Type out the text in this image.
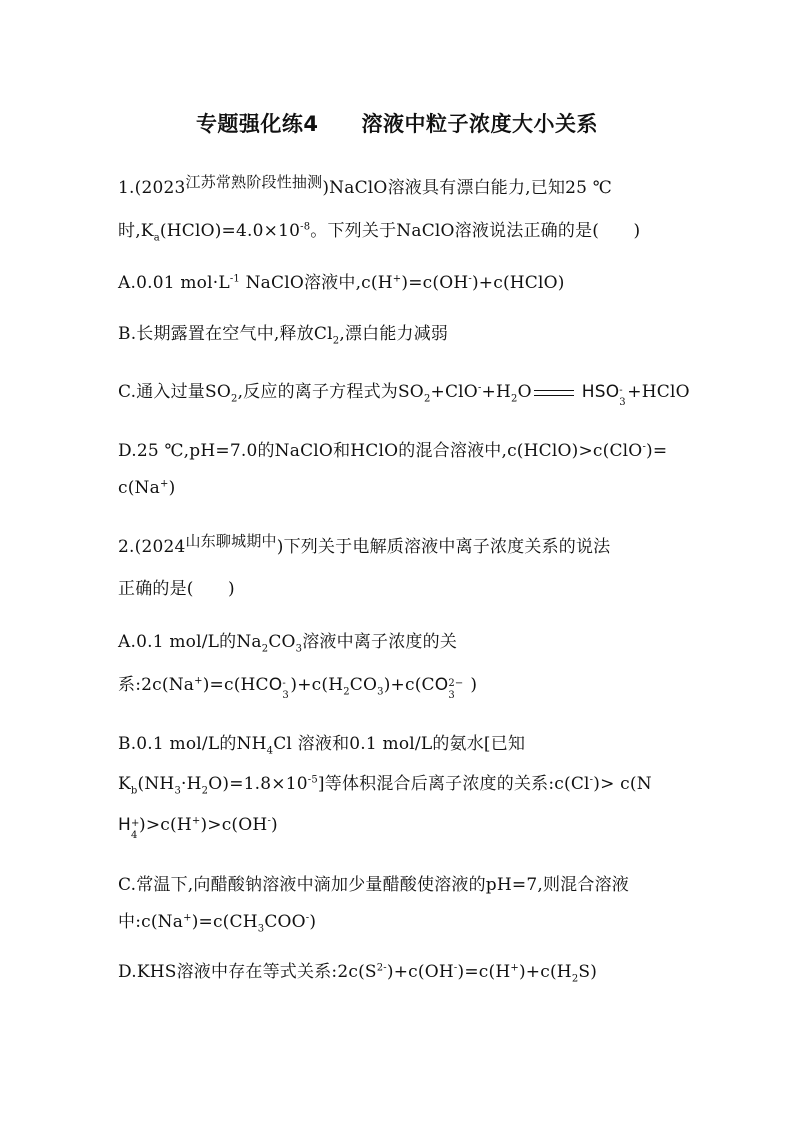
专题强化练4　　溶液中粒子浓度大小关系
1.(2023江苏常熟阶段性抽测)NaClO溶液具有漂白能力,已知25 ℃
时$,K_a(HClO)=4.0\times 10^{-8}$。下列关于NaClO溶液说法正确的是(　　)
A.0.01 $mol\cdot L^{-1}$ NaClO溶液中,c(H+)=c(OH-)+c(HClO)
B.长期露置在空气中,释放$Cl_2$,漂白能力减弱
C.通入过量$SO_2$,反应的离子方程式为$SO_2+ClO^-+H_2O$	HSO -
3
+HClO
D.25 ℃,pH=7.0的NaClO和HClO的混合溶液中,c(HClO)>c(ClO-)=
c(Na+)
2.(2024山东聊城期中)下列关于电解质溶液中离子浓度关系的说法
正确的是(　　)
A.0.1 mol/L的$Na_2CO_3$溶液中离子浓度的关
系:2c(Na+)=c(HCO -
3
)$+c(H_2CO_3)+c(CO$ 2−
3
)
B.0.1 mol/L的$NH_4Cl$ 溶液和0.1 mol/L的氨水[已知
$K_b(NH_3\cdot H_2O)=1.8\times 10^{-5}$]等体积混合后离子浓度的关系:c(Cl-)> c(N
H +
4
)>c(H+)>c(OH-)
C.常温下,向醋酸钠溶液中滴加少量醋酸使溶液的pH=7,则混合溶液
中$:c(Na^+)=c(CH_3COO^-)$
D.KHS溶液中存在等式关系$:2c(S^{2-})+c(OH^-)=c(H^+)+c(H_2S)$
